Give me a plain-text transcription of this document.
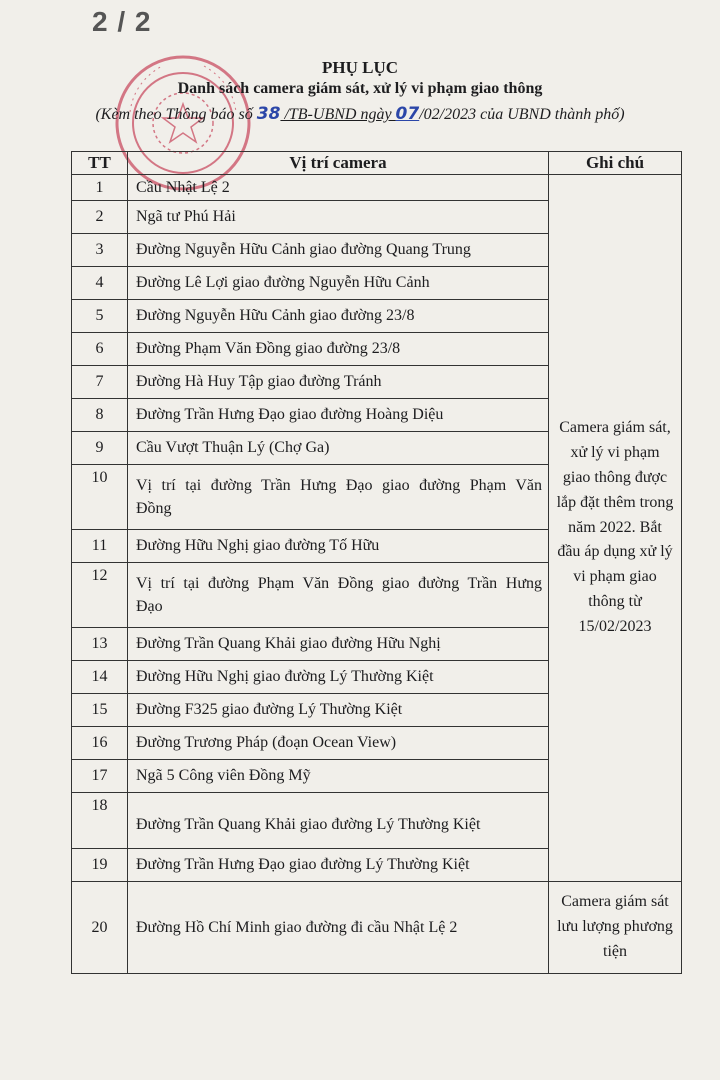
2 / 2
PHỤ LỤC
Danh sách camera giám sát, xử lý vi phạm giao thông
(Kèm theo Thông báo số 38 /TB-UBND ngày 07/02/2023 của UBND thành phố)
TT	Vị trí camera	Ghi chú
1	Cầu Nhật Lệ 2	Camera giám sát, xử lý vi phạm giao thông được lắp đặt thêm trong năm 2022. Bắt đầu áp dụng xử lý vi phạm giao thông từ 15/02/2023
2	Ngã tư Phú Hải	
3	Đường Nguyễn Hữu Cảnh giao đường Quang Trung	
4	Đường Lê Lợi giao đường Nguyễn Hữu Cảnh	
5	Đường Nguyễn Hữu Cảnh giao đường 23/8	
6	Đường Phạm Văn Đồng giao đường 23/8	
7	Đường Hà Huy Tập giao đường Tránh	
8	Đường Trần Hưng Đạo giao đường Hoàng Diệu	
9	Cầu Vượt Thuận Lý (Chợ Ga)	
10	Vị trí tại đường Trần Hưng Đạo giao đường Phạm Văn Đồng	
11	Đường Hữu Nghị giao đường Tố Hữu	
12	Vị trí tại đường Phạm Văn Đồng giao đường Trần Hưng Đạo	
13	Đường Trần Quang Khải giao đường Hữu Nghị	
14	Đường Hữu Nghị giao đường Lý Thường Kiệt	
15	Đường F325 giao đường Lý Thường Kiệt	
16	Đường Trương Pháp (đoạn Ocean View)	
17	Ngã 5 Công viên Đồng Mỹ	
18	Đường Trần Quang Khải giao đường Lý Thường Kiệt	
19	Đường Trần Hưng Đạo giao đường Lý Thường Kiệt	
20	Đường Hồ Chí Minh giao đường đi cầu Nhật Lệ 2	Camera giám sát lưu lượng phương tiện
